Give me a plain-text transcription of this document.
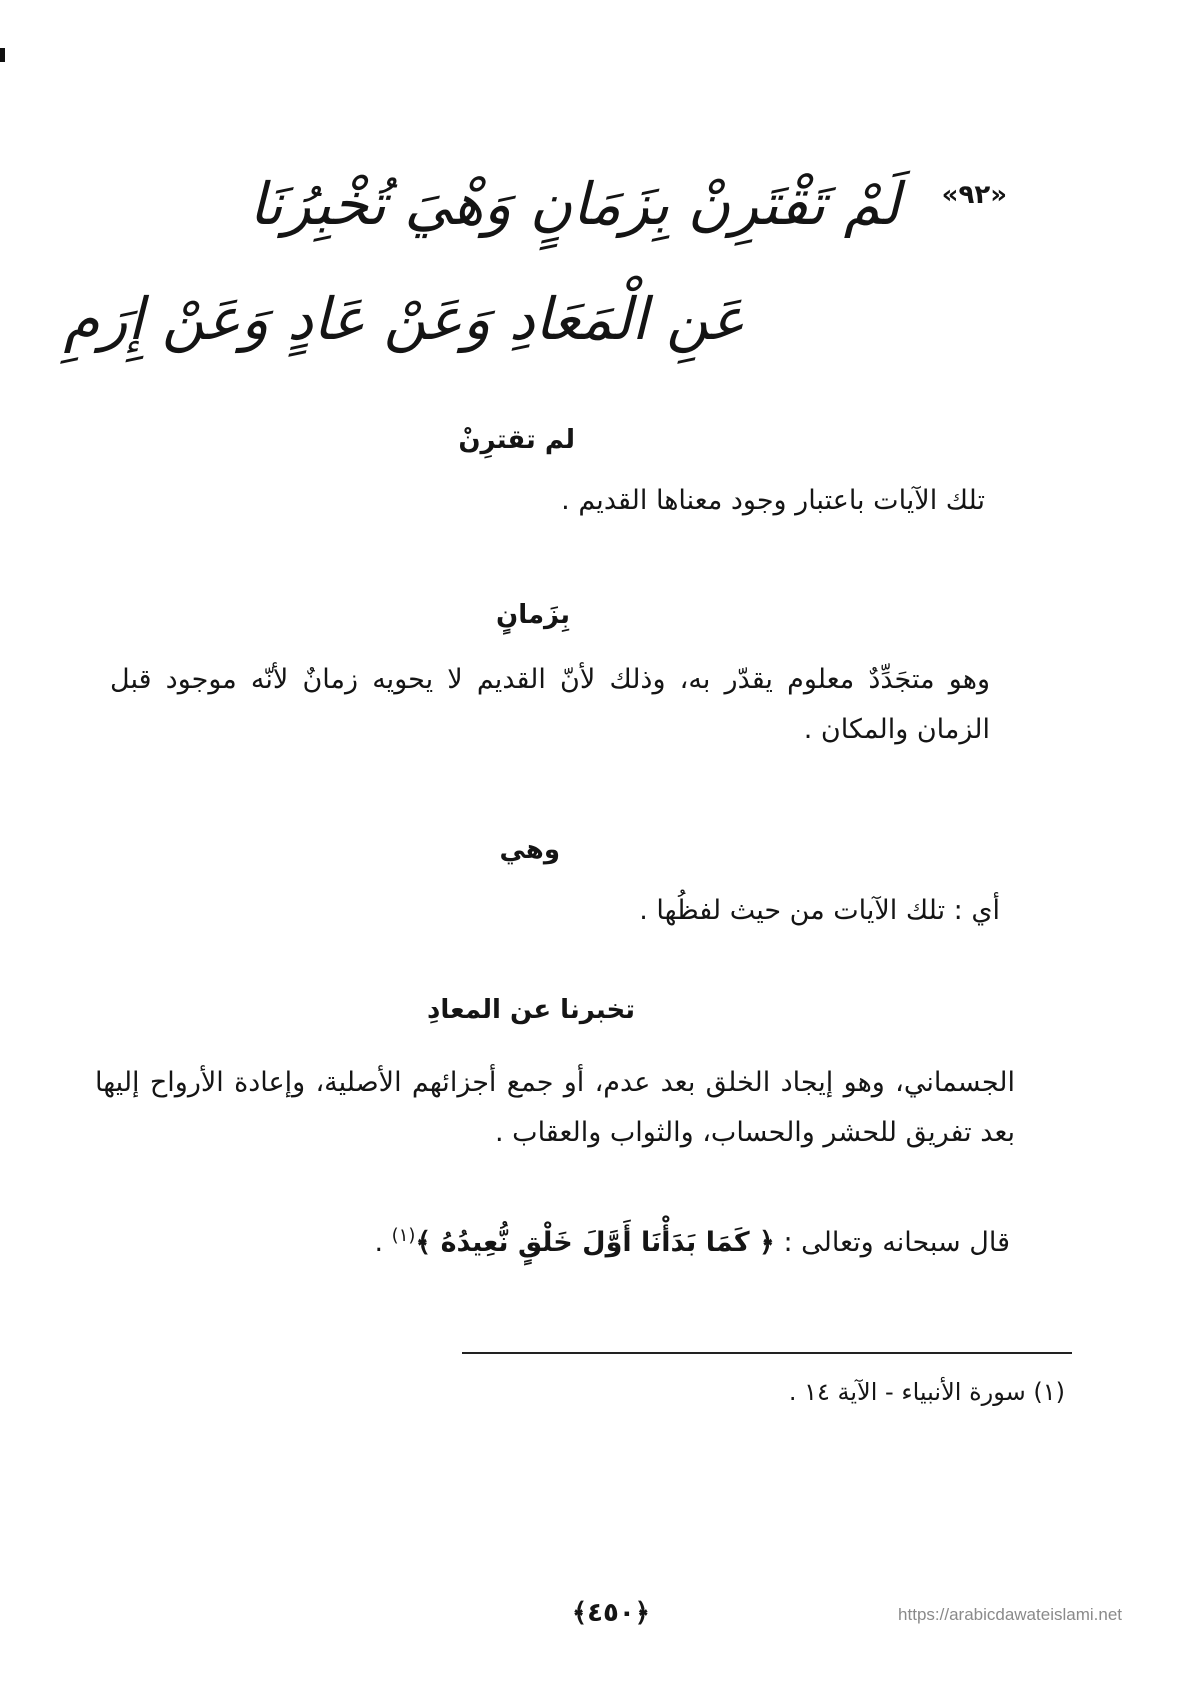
«٩٢»
لَمْ تَقْتَرِنْ بِزَمَانٍ وَهْيَ تُخْبِرُنَا
عَنِ الْمَعَادِ وَعَنْ عَادٍ وَعَنْ إِرَمِ
لم تقترِنْ
تلك الآيات باعتبار وجود معناها القديم .
بِزَمانٍ
وهو متجَدِّدٌ معلوم يقدّر به، وذلك لأنّ القديم لا يحويه زمانٌ لأنّه موجود قبل الزمان والمكان .
وهي
أي : تلك الآيات من حيث لفظُها .
تخبرنا عن المعادِ
الجسماني، وهو إيجاد الخلق بعد عدم، أو جمع أجزائهم الأصلية، وإعادة الأرواح إليها بعد تفريق للحشر والحساب، والثواب والعقاب .
قال سبحانه وتعالى : ﴿ كَمَا بَدَأْنَا أَوَّلَ خَلْقٍ نُّعِيدُهُ ﴾$^{(١)}$ .
(١) سورة الأنبياء - الآية ١٤ .
﴿٤٥٠﴾	https://arabicdawateislami.net
